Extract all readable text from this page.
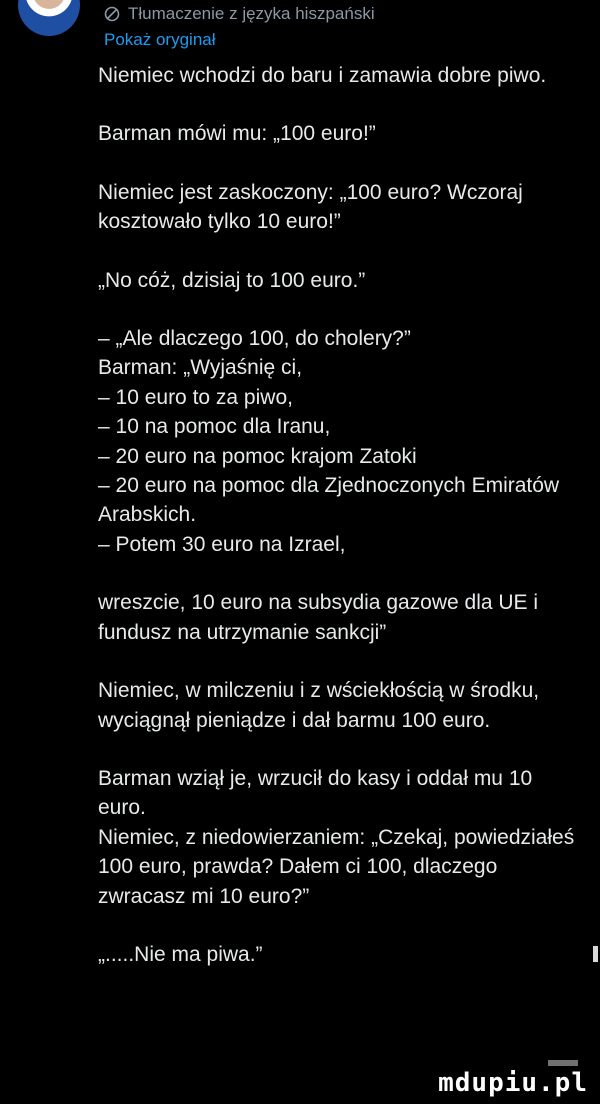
Tłumaczenie z języka hiszpański
Pokaż oryginał

Niemiec wchodzi do baru i zamawia dobre piwo.

Barman mówi mu: „100 euro!”

Niemiec jest zaskoczony: „100 euro? Wczoraj kosztowało tylko 10 euro!”

„No cóż, dzisiaj to 100 euro.”

– „Ale dlaczego 100, do cholery?”

Barman: „Wyjaśnię ci,

– 10 euro to za piwo,

– 10 na pomoc dla Iranu,

– 20 euro na pomoc krajom Zatoki

– 20 euro na pomoc dla Zjednoczonych Emiratów Arabskich.

– Potem 30 euro na Izrael,

wreszcie, 10 euro na subsydia gazowe dla UE i fundusz na utrzymanie sankcji”

Niemiec, w milczeniu i z wściekłością w środku, wyciągnął pieniądze i dał barmu 100 euro.

Barman wziął je, wrzucił do kasy i oddał mu 10 euro.

Niemiec, z niedowierzaniem: „Czekaj, powiedziałeś 100 euro, prawda? Dałem ci 100, dlaczego zwracasz mi 10 euro?”

„.....Nie ma piwa.”

mdupiu.pl
